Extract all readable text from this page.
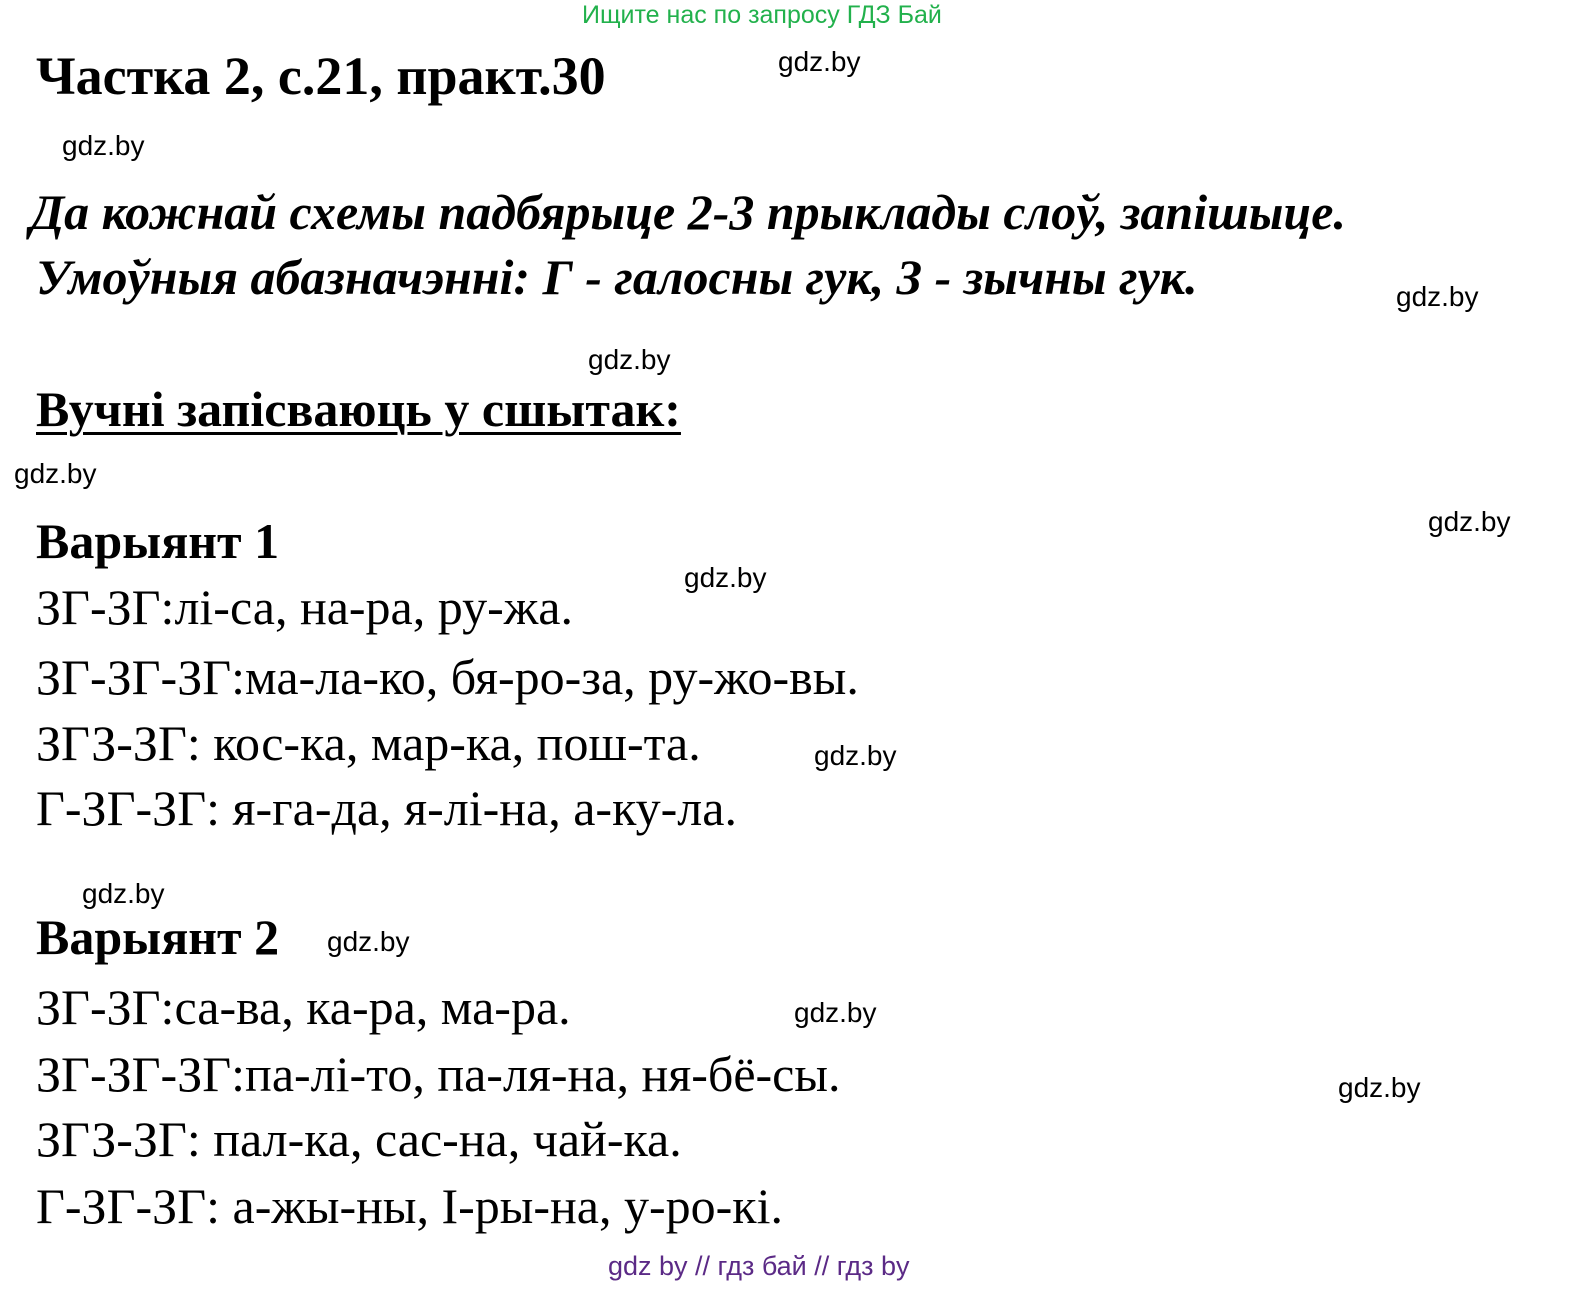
Ищите нас по запросу ГДЗ Бай
Частка 2, с.21, практ.30
Да кожнай схемы падбярыце 2-3 прыклады слоў, запішыце.
Умоўныя абазначэнні: Г - галосны гук, З - зычны гук.
Вучні запісваюць у сшытак:
Варыянт 1
ЗГ-ЗГ:лі-са, на-ра, ру-жа.
ЗГ-ЗГ-ЗГ:ма-ла-ко, бя-ро-за, ру-жо-вы.
ЗГЗ-ЗГ: кос-ка, мар-ка, пош-та.
Г-ЗГ-ЗГ: я-га-да, я-лі-на, а-ку-ла.
Варыянт 2
ЗГ-ЗГ:са-ва, ка-ра, ма-ра.
ЗГ-ЗГ-ЗГ:па-лі-то, па-ля-на, ня-бё-сы.
ЗГЗ-ЗГ: пал-ка, сас-на, чай-ка.
Г-ЗГ-ЗГ: а-жы-ны, І-ры-на, у-ро-кі.
gdz.by
gdz.by
gdz.by
gdz.by
gdz.by
gdz.by
gdz.by
gdz.by
gdz.by
gdz.by
gdz.by
gdz.by
gdz by // гдз бай // гдз by
